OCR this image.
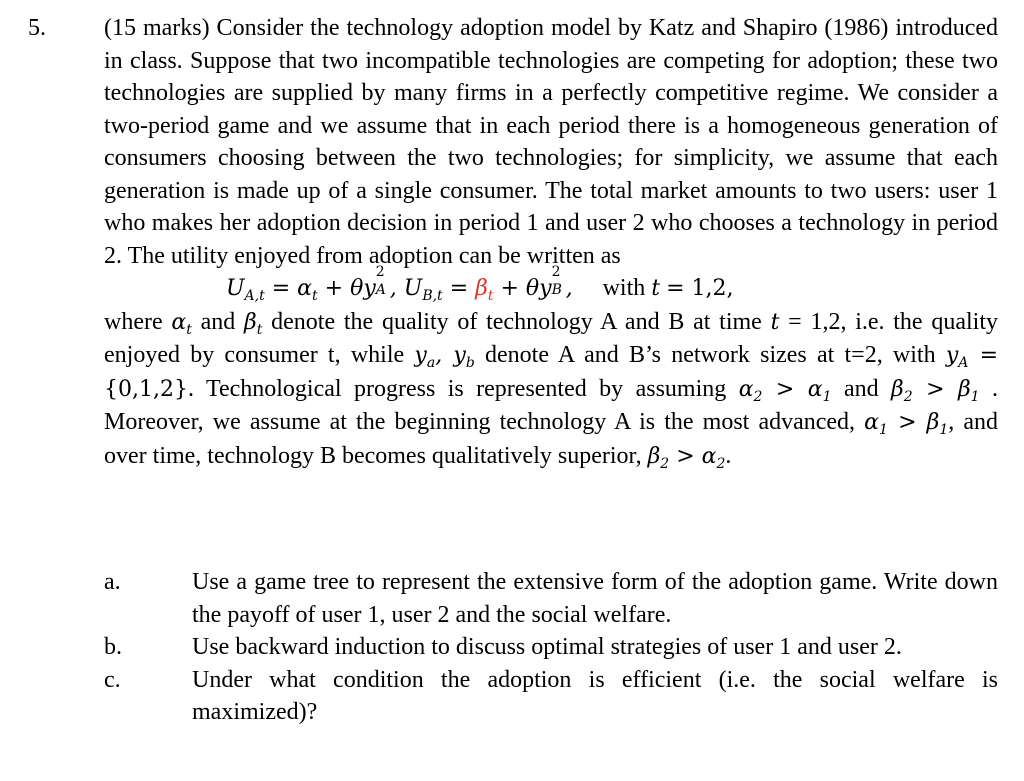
5. (15 marks) Consider the technology adoption model by Katz and Shapiro (1986) introduced in class. Suppose that two incompatible technologies are competing for adoption; these two technologies are supplied by many firms in a perfectly competitive regime. We consider a two-period game and we assume that in each period there is a homogeneous generation of consumers choosing between the two technologies; for simplicity, we assume that each generation is made up of a single consumer. The total market amounts to two users: user 1 who makes her adoption decision in period 1 and user 2 who chooses a technology in period 2. The utility enjoyed from adoption can be written as

$U_{A,t} = \alpha_t + \theta y$
2
A , $U_{B,t} = \beta_t + \theta y$
2
B , with t = 1,2,

where $\alpha_t$ and $\beta_t$ denote the quality of technology A and B at time t = 1,2, i.e. the quality enjoyed by consumer t, while $y_a$, $y_b$ denote A and B’s network sizes at t=2, with $y_A = \{0,1,2\}$. Technological progress is represented by assuming $\alpha_2 > \alpha_1$ and $\beta_2 > \beta_1$ . Moreover, we assume at the beginning technology A is the most advanced, $\alpha_1 > \beta_1$, and over time, technology B becomes qualitatively superior, $\beta_2 > \alpha_2$.

a.	Use a game tree to represent the extensive form of the adoption game. Write down the payoff of user 1, user 2 and the social welfare.

b.	Use backward induction to discuss optimal strategies of user 1 and user 2.

c.	Under what condition the adoption is efficient (i.e. the social welfare is maximized)?
